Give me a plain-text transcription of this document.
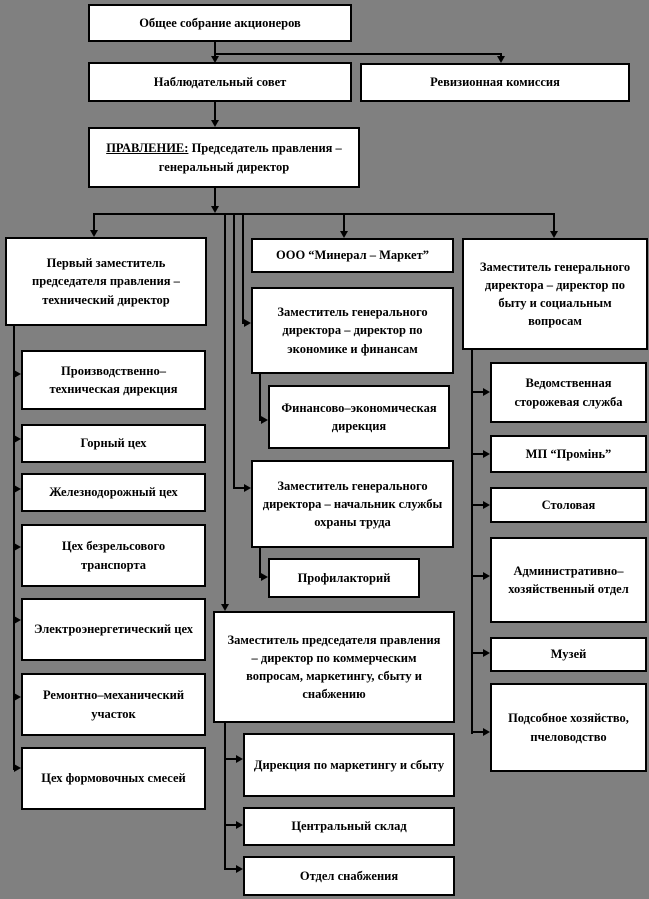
Общее собрание акционеров
Наблюдательный совет	Ревизионная комиссия
ПРАВЛЕНИЕ: Председатель правления – генеральный директор
Первый заместитель председателя правления – технический директор
Производственно–техническая дирекция
Горный цех
Железнодорожный цех
Цех безрельсового транспорта
Электроэнергетический цех
Ремонтно–механический участок
Цех формовочных смесей
ООО “Минерал – Маркет”
Заместитель генерального директора – директор по экономике и финансам
Финансово–экономическая дирекция
Заместитель генерального директора – начальник службы охраны труда
Профилакторий
Заместитель председателя правления – директор по коммерческим вопросам, маркетингу, сбыту и снабжению
Дирекция по маркетингу и сбыту
Центральный склад
Отдел снабжения
Заместитель генерального директора – директор по быту и социальным вопросам
Ведомственная сторожевая служба
МП “Промінь”
Столовая
Административно–хозяйственный отдел
Музей
Подсобное хозяйство, пчеловодство
